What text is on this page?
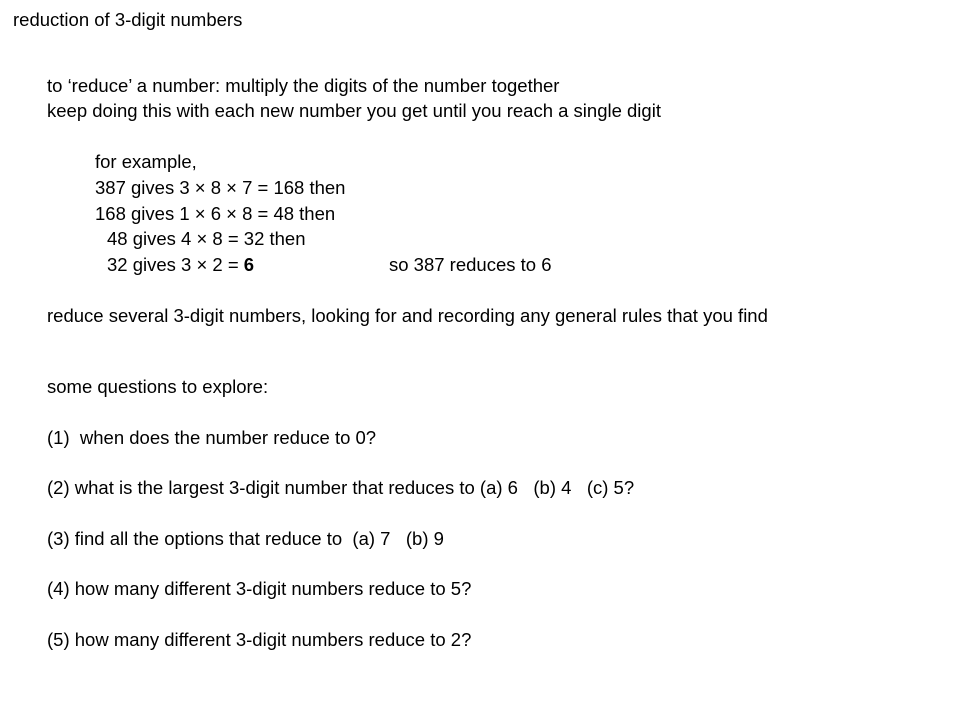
reduction of 3-digit numbers
to ‘reduce’ a number: multiply the digits of the number together
keep doing this with each new number you get until you reach a single digit
for example,
387 gives 3 × 8 × 7 = 168 then
168 gives 1 × 6 × 8 = 48 then
48 gives 4 × 8 = 32 then
32 gives 3 × 2 = 6	so 387 reduces to 6
reduce several 3-digit numbers, looking for and recording any general rules that you find
some questions to explore:
(1)  when does the number reduce to 0?
(2) what is the largest 3-digit number that reduces to (a) 6   (b) 4   (c) 5?
(3) find all the options that reduce to  (a) 7   (b) 9
(4) how many different 3-digit numbers reduce to 5?
(5) how many different 3-digit numbers reduce to 2?
